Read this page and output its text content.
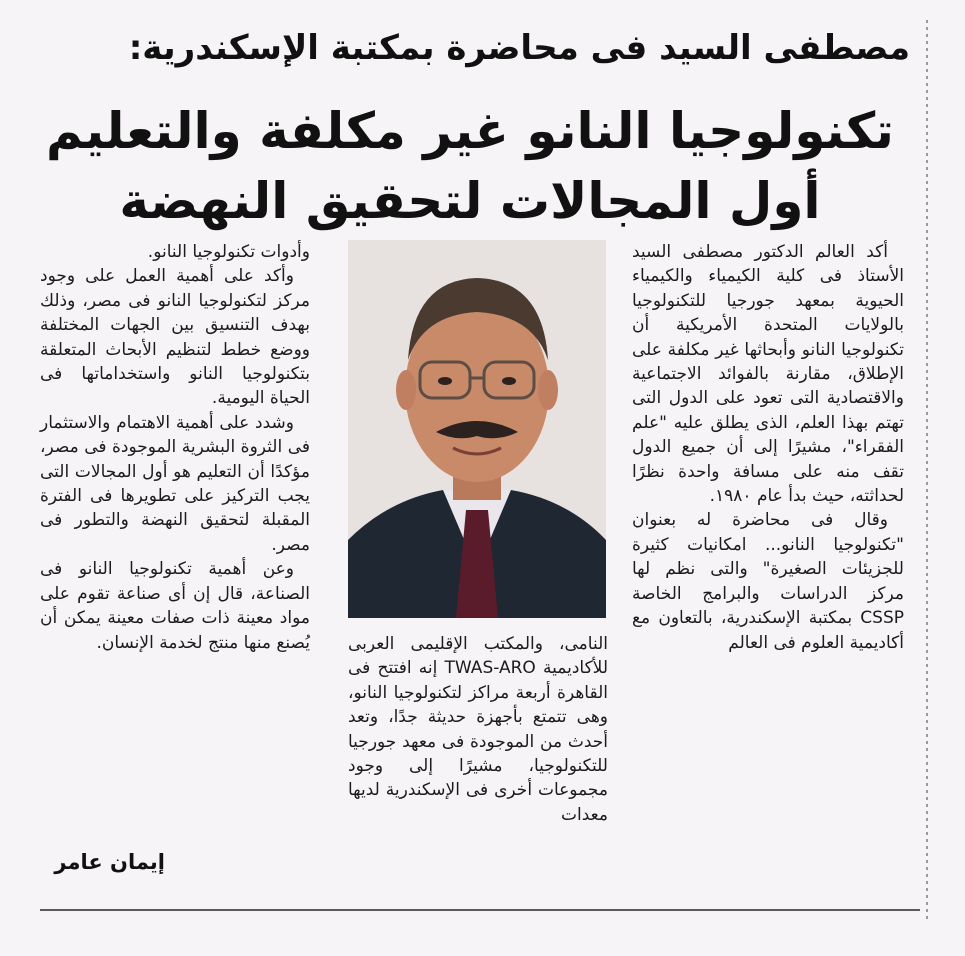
مصطفى السيد فى محاضرة بمكتبة الإسكندرية:
تكنولوجيا النانو غير مكلفة والتعليم
أول المجالات لتحقيق النهضة

أكد العالم الدكتور مصطفى السيد الأستاذ فى كلية الكيمياء والكيمياء الحيوية بمعهد جورجيا للتكنولوجيا بالولايات المتحدة الأمريكية أن تكنولوجيا النانو وأبحاثها غير مكلفة على الإطلاق، مقارنة بالفوائد الاجتماعية والاقتصادية التى تعود على الدول التى تهتم بهذا العلم، الذى يطلق عليه "علم الفقراء"، مشيرًا إلى أن جميع الدول تقف منه على مسافة واحدة نظرًا لحداثته، حيث بدأ عام ١٩٨٠.

وقال فى محاضرة له بعنوان "تكنولوجيا النانو... امكانيات كثيرة للجزيئات الصغيرة" والتى نظم لها مركز الدراسات والبرامج الخاصة CSSP بمكتبة الإسكندرية، بالتعاون مع أكاديمية العلوم فى العالم

النامى، والمكتب الإقليمى العربى للأكاديمية TWAS-ARO إنه افتتح فى القاهرة أربعة مراكز لتكنولوجيا النانو، وهى تتمتع بأجهزة حديثة جدًا، وتعد أحدث من الموجودة فى معهد جورجيا للتكنولوجيا، مشيرًا إلى وجود مجموعات أخرى فى الإسكندرية لديها معدات

وأدوات تكنولوجيا النانو.

وأكد على أهمية العمل على وجود مركز لتكنولوجيا النانو فى مصر، وذلك بهدف التنسيق بين الجهات المختلفة ووضع خطط لتنظيم الأبحاث المتعلقة بتكنولوجيا النانو واستخداماتها فى الحياة اليومية.

وشدد على أهمية الاهتمام والاستثمار فى الثروة البشرية الموجودة فى مصر، مؤكدًا أن التعليم هو أول المجالات التى يجب التركيز على تطويرها فى الفترة المقبلة لتحقيق النهضة والتطور فى مصر.

وعن أهمية تكنولوجيا النانو فى الصناعة، قال إن أى صناعة تقوم على مواد معينة ذات صفات معينة يمكن أن يُصنع منها منتج لخدمة الإنسان.

إيمان عامر
